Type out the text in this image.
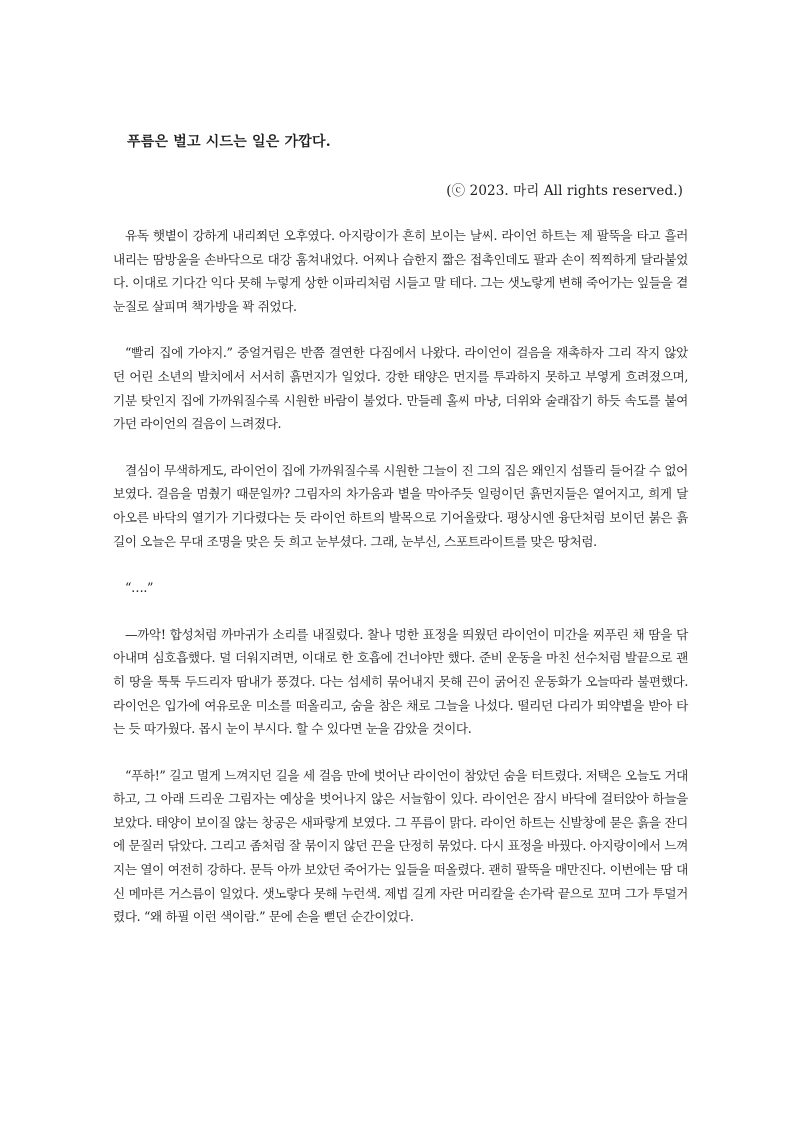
푸름은 벌고 시드는 일은 가깝다.
(ⓒ 2023. 마리 All rights reserved.)

유독 햇볕이 강하게 내리쬐던 오후였다. 아지랑이가 흔히 보이는 날씨. 라이언 하트는 제 팔뚝을 타고 흘러내리는 땀방울을 손바닥으로 대강 훔쳐내었다. 어찌나 습한지 짧은 접촉인데도 팔과 손이 찍찍하게 달라붙었다. 이대로 기다간 익다 못해 누렇게 상한 이파리처럼 시들고 말 테다. 그는 샛노랗게 변해 죽어가는 잎들을 곁눈질로 살피며 책가방을 꽉 쥐었다.

“빨리 집에 가야지.” 중얼거림은 반쯤 결연한 다짐에서 나왔다. 라이언이 걸음을 재촉하자 그리 작지 않았던 어린 소년의 발치에서 서서히 흙먼지가 일었다. 강한 태양은 먼지를 투과하지 못하고 부옇게 흐려졌으며, 기분 탓인지 집에 가까워질수록 시원한 바람이 불었다. 만들레 홀씨 마냥, 더위와 술래잡기 하듯 속도를 붙여가던 라이언의 걸음이 느려졌다.

결심이 무색하게도, 라이언이 집에 가까워질수록 시원한 그늘이 진 그의 집은 왜인지 섬뜰리 들어갈 수 없어 보였다. 걸음을 멈췄기 때문일까? 그림자의 차가움과 볕을 막아주듯 일렁이던 흙먼지들은 옅어지고, 희게 달아오른 바닥의 열기가 기다렸다는 듯 라이언 하트의 발목으로 기어올랐다. 평상시엔 융단처럼 보이던 붉은 흙길이 오늘은 무대 조명을 맞은 듯 희고 눈부셨다. 그래, 눈부신, 스포트라이트를 맞은 땅처럼.

“….”

—까악! 합성처럼 까마귀가 소리를 내질렀다. 찰나 멍한 표정을 띄웠던 라이언이 미간을 찌푸린 채 땀을 닦아내며 심호흡했다. 덜 더워지려면, 이대로 한 호흡에 건너야만 했다. 준비 운동을 마친 선수처럼 발끝으로 괜히 땅을 툭툭 두드리자 땀내가 풍겼다. 다는 섬세히 묶어내지 못해 끈이 굵어진 운동화가 오늘따라 불편했다. 라이언은 입가에 여유로운 미소를 떠올리고, 숨을 참은 채로 그늘을 나섰다. 떨리던 다리가 뙤약볕을 받아 타는 듯 따가웠다. 몹시 눈이 부시다. 할 수 있다면 눈을 감았을 것이다.

“푸하!” 길고 멀게 느껴지던 길을 세 걸음 만에 벗어난 라이언이 참았던 숨을 터트렸다. 저택은 오늘도 거대하고, 그 아래 드리운 그림자는 예상을 벗어나지 않은 서늘함이 있다. 라이언은 잠시 바닥에 걸터앉아 하늘을 보았다. 태양이 보이질 않는 창공은 새파랗게 보였다. 그 푸름이 맑다. 라이언 하트는 신발창에 묻은 흙을 잔디에 문질러 닦았다. 그리고 좀처럼 잘 묶이지 않던 끈을 단정히 묶었다. 다시 표정을 바꿨다. 아지랑이에서 느껴지는 열이 여전히 강하다. 문득 아까 보았던 죽어가는 잎들을 떠올렸다. 괜히 팔뚝을 매만진다. 이번에는 땀 대신 메마른 거스름이 일었다. 샛노랗다 못해 누런색. 제법 길게 자란 머리칼을 손가락 끝으로 꼬며 그가 투덜거렸다. “왜 하필 이런 색이람.” 문에 손을 뻗던 순간이었다.
